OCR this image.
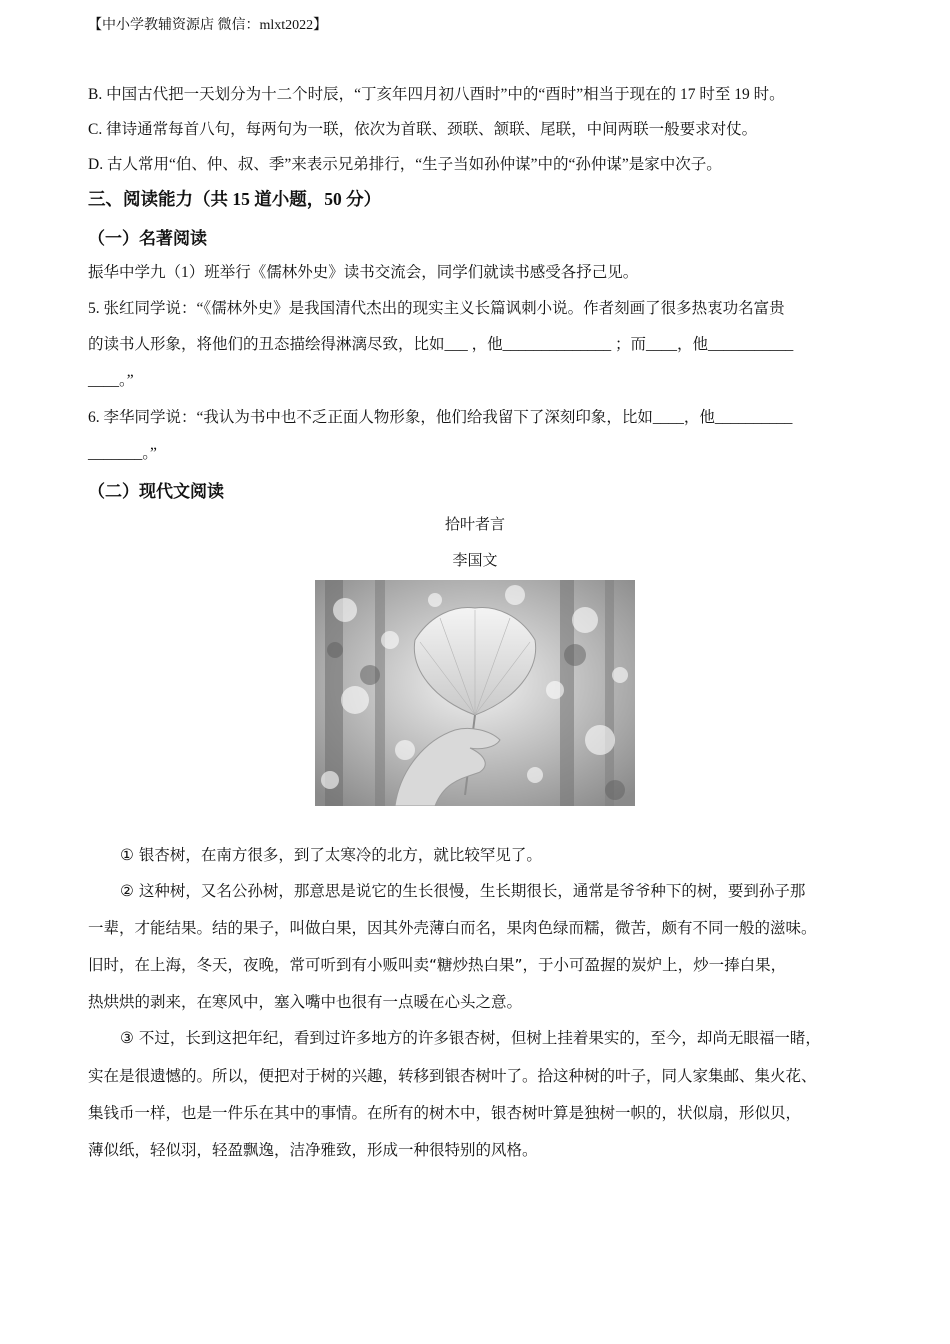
【中小学教辅资源店 微信：mlxt2022】
B. 中国古代把一天划分为十二个时辰，“丁亥年四月初八酉时”中的“酉时”相当于现在的 17 时至 19 时。
C. 律诗通常每首八句，每两句为一联，依次为首联、颈联、颔联、尾联，中间两联一般要求对仗。
D. 古人常用“伯、仲、叔、季”来表示兄弟排行，“生子当如孙仲谋”中的“孙仲谋”是家中次子。
三、阅读能力（共 15 道小题，50 分）
（一）名著阅读
振华中学九（1）班举行《儒林外史》读书交流会，同学们就读书感受各抒己见。
5. 张红同学说：“《儒林外史》是我国清代杰出的现实主义长篇讽刺小说。作者刻画了很多热衷功名富贵
的读书人形象，将他们的丑态描绘得淋漓尽致，比如___ ，他______________ ；而____，他___________
____。”
6. 李华同学说：“我认为书中也不乏正面人物形象，他们给我留下了深刻印象，比如____，他__________
_______。”
（二）现代文阅读
拾叶者言
李国文
① 银杏树，在南方很多，到了太寒冷的北方，就比较罕见了。
② 这种树，又名公孙树，那意思是说它的生长很慢，生长期很长，通常是爷爷种下的树，要到孙子那
一辈，才能结果。结的果子，叫做白果，因其外壳薄白而名，果肉色绿而糯，微苦，颇有不同一般的滋味。
旧时，在上海，冬天，夜晚，常可听到有小贩叫卖“糖炒热白果”，于小可盈握的炭炉上，炒一捧白果，
热烘烘的剥来，在寒风中，塞入嘴中也很有一点暖在心头之意。
③ 不过，长到这把年纪，看到过许多地方的许多银杏树，但树上挂着果实的，至今，却尚无眼福一睹，
实在是很遗憾的。所以，便把对于树的兴趣，转移到银杏树叶了。拾这种树的叶子，同人家集邮、集火花、
集钱币一样，也是一件乐在其中的事情。在所有的树木中，银杏树叶算是独树一帜的，状似扇，形似贝，
薄似纸，轻似羽，轻盈飘逸，洁净雅致，形成一种很特别的风格。
